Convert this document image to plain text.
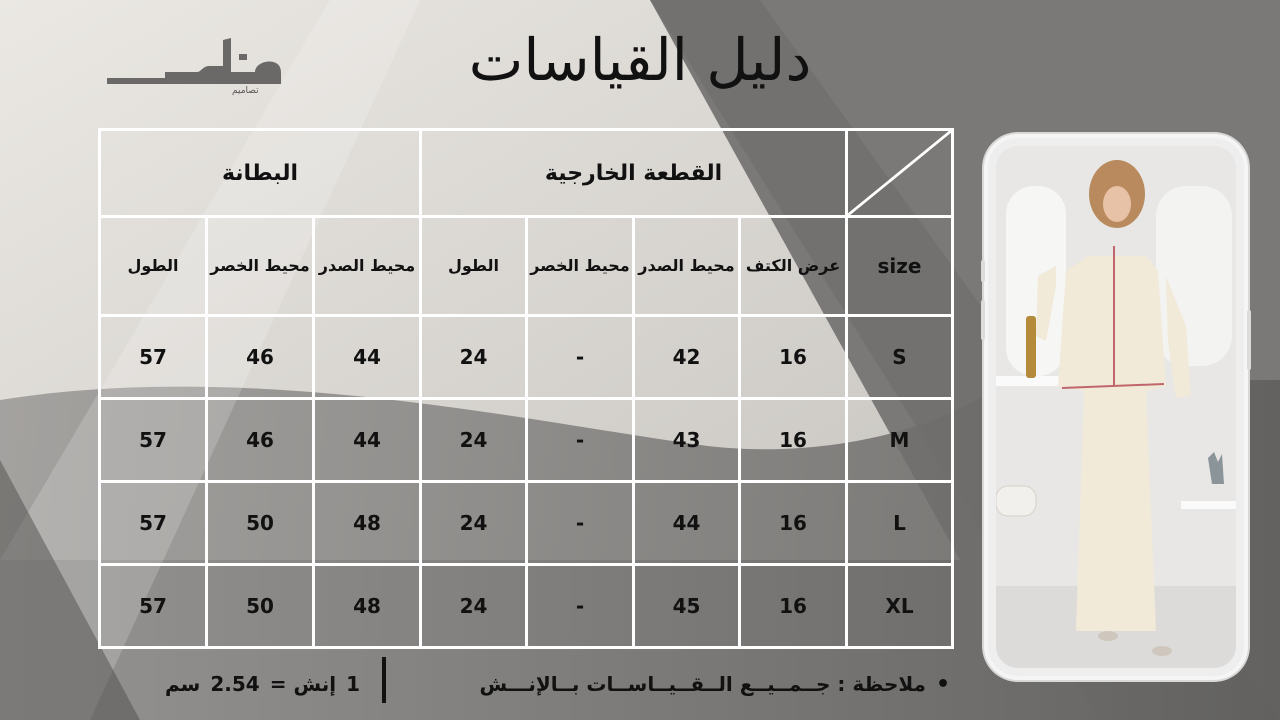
تصاميم	دليل القياسات
	القطعة الخارجية				البطانة		
size	عرض الكتف	محيط الصدر	محيط الخصر	الطول	محيط الصدر	محيط الخصر	الطول
S	16	42	-	24	44	46	57
M	16	43	-	24	44	46	57
L	16	44	-	24	48	50	57
XL	16	45	-	24	48	50	57
•
ملاحظة : جــمــيــع الــقــيــاســات بــالإنـــش
1
إنش =
2.54
سم
